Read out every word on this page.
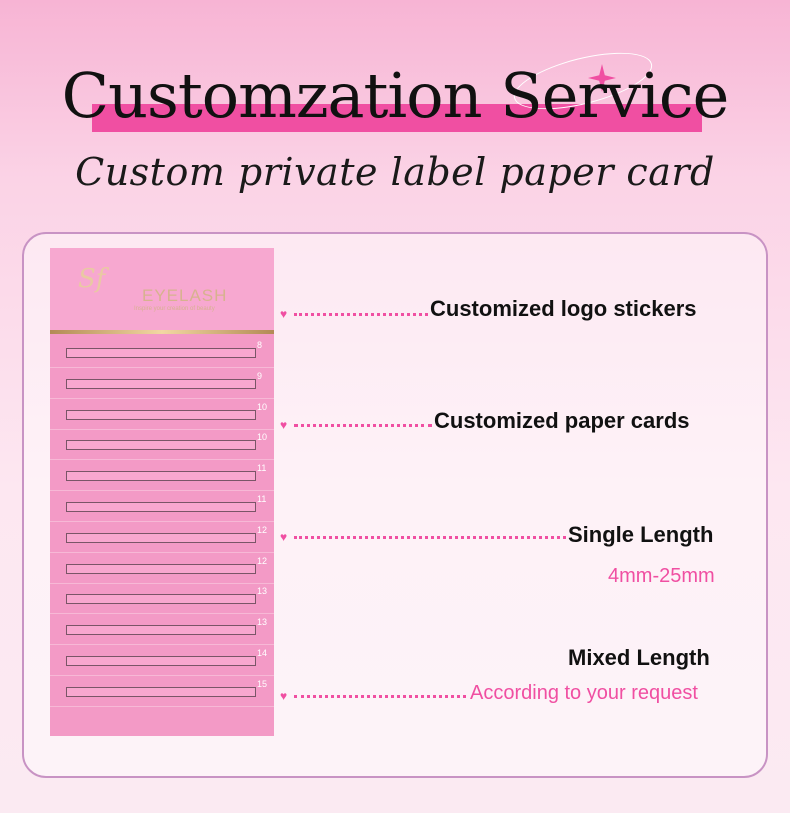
Customzation Service
Custom private label paper card
Sf
EYELASH
Inspire your creation of beauty
8
9
10
10
11
11
12
12
13
13
14
15
♥	Customized logo stickers
♥	Customized paper cards
♥	Single Length
4mm-25mm
Mixed Length
♥	According to your request
